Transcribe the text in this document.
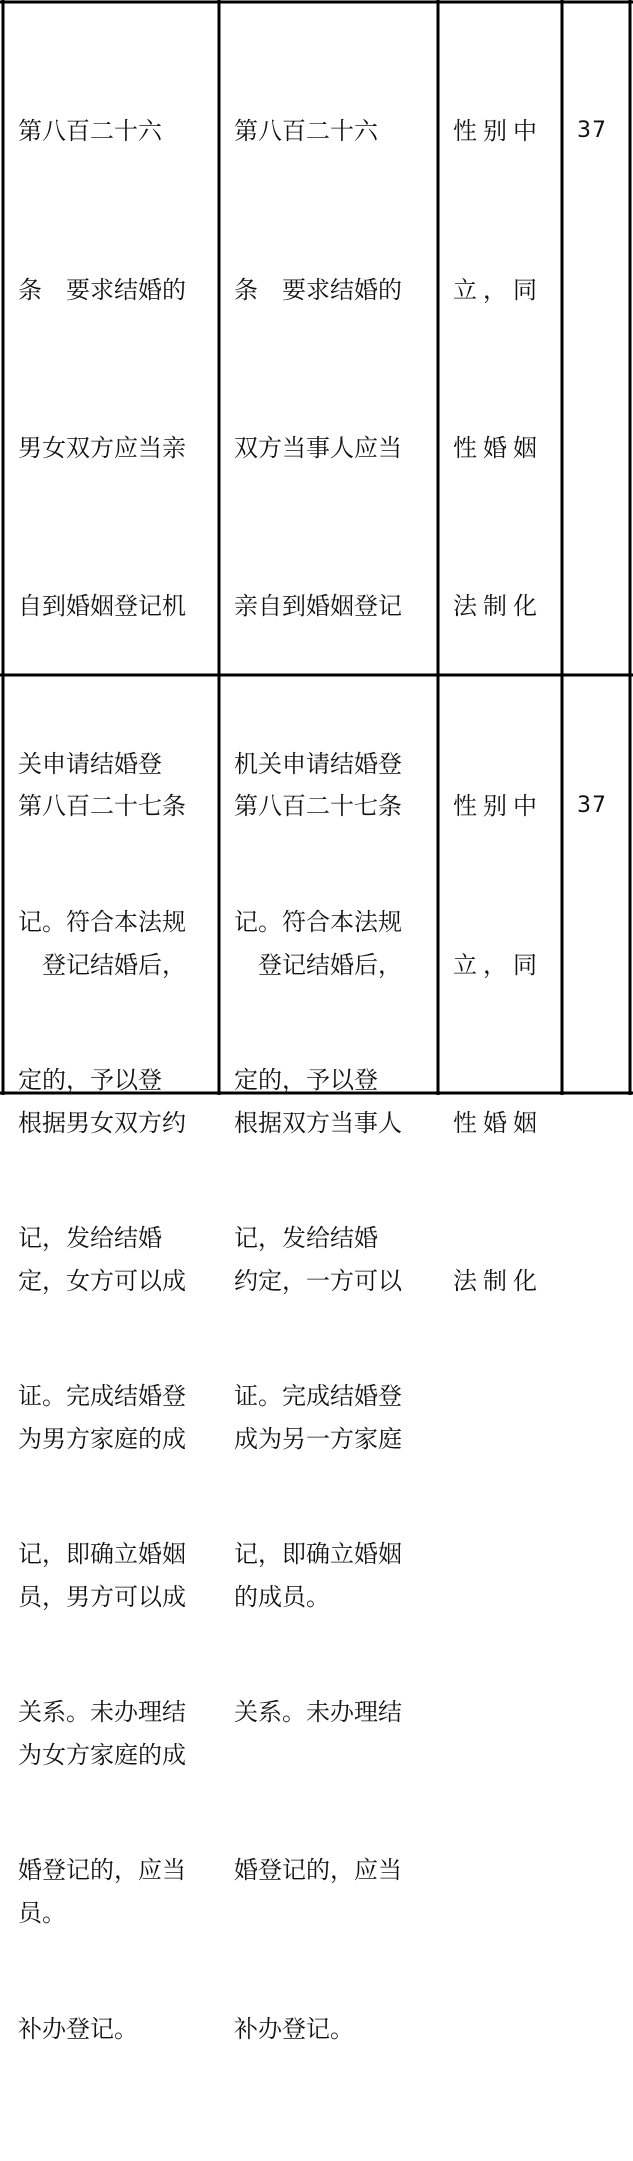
第八百二十六

条　要求结婚的

男女双方应当亲

自到婚姻登记机

关申请结婚登

记。符合本法规

定的，予以登

记，发给结婚

证。完成结婚登

记，即确立婚姻

关系。未办理结

婚登记的，应当

补办登记。

第八百二十六

条　要求结婚的

双方当事人应当

亲自到婚姻登记

机关申请结婚登

记。符合本法规

定的，予以登

记，发给结婚

证。完成结婚登

记，即确立婚姻

关系。未办理结

婚登记的，应当

补办登记。

性别中

立，同

性婚姻

法制化

37

第八百二十七条

　登记结婚后，

根据男女双方约

定，女方可以成

为男方家庭的成

员，男方可以成

为女方家庭的成

员。

第八百二十七条

　登记结婚后，

根据双方当事人

约定，一方可以

成为另一方家庭

的成员。

性别中

立，同

性婚姻

法制化

37
